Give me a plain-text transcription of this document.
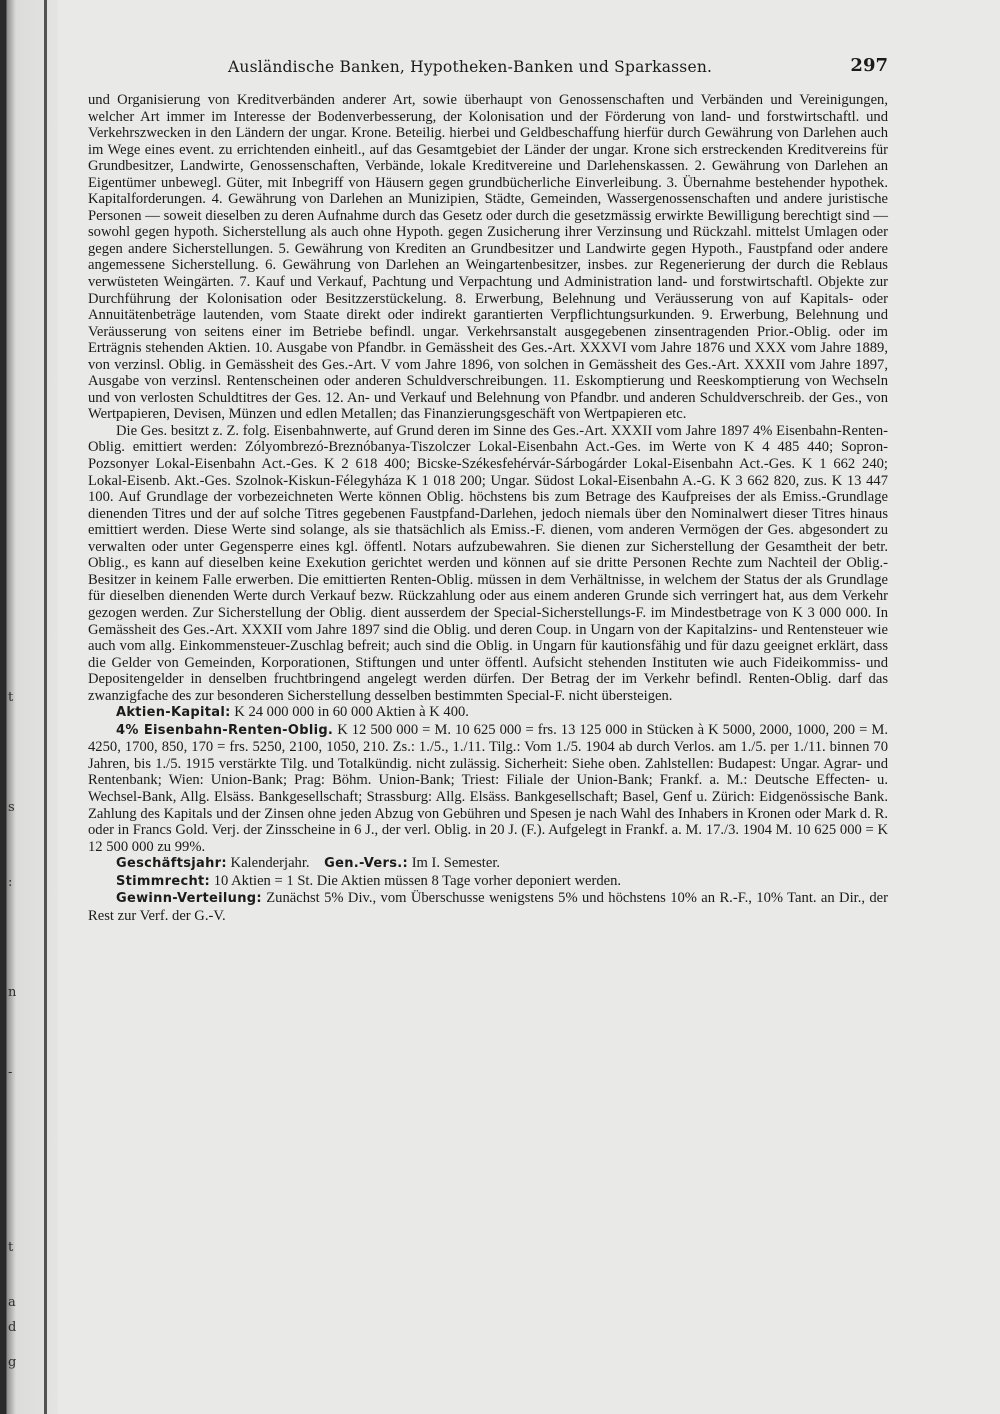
t
s
:
n
-
t
a
d
g
Ausländische Banken, Hypotheken-Banken und Sparkassen.	297

und Organisierung von Kreditverbänden anderer Art, sowie überhaupt von Genossenschaften und Verbänden und Vereinigungen, welcher Art immer im Interesse der Bodenverbesserung, der Kolonisation und der Förderung von land- und forstwirtschaftl. und Verkehrszwecken in den Ländern der ungar. Krone. Beteilig. hierbei und Geldbeschaffung hierfür durch Gewährung von Darlehen auch im Wege eines event. zu errichtenden einheitl., auf das Gesamtgebiet der Länder der ungar. Krone sich erstreckenden Kreditvereins für Grundbesitzer, Landwirte, Genossenschaften, Verbände, lokale Kreditvereine und Darlehenskassen. 2. Gewährung von Darlehen an Eigentümer unbewegl. Güter, mit Inbegriff von Häusern gegen grundbücherliche Einverleibung. 3. Übernahme bestehender hypothek. Kapitalforderungen. 4. Gewährung von Darlehen an Munizipien, Städte, Gemeinden, Wassergenossenschaften und andere juristische Personen — soweit dieselben zu deren Aufnahme durch das Gesetz oder durch die gesetzmässig erwirkte Bewilligung berechtigt sind — sowohl gegen hypoth. Sicherstellung als auch ohne Hypoth. gegen Zusicherung ihrer Verzinsung und Rückzahl. mittelst Umlagen oder gegen andere Sicherstellungen. 5. Gewährung von Krediten an Grundbesitzer und Landwirte gegen Hypoth., Faustpfand oder andere angemessene Sicherstellung. 6. Gewährung von Darlehen an Weingartenbesitzer, insbes. zur Regenerierung der durch die Reblaus verwüsteten Weingärten. 7. Kauf und Verkauf, Pachtung und Verpachtung und Administration land- und forstwirtschaftl. Objekte zur Durchführung der Kolonisation oder Besitzzerstückelung. 8. Erwerbung, Belehnung und Veräusserung von auf Kapitals- oder Annuitätenbeträge lautenden, vom Staate direkt oder indirekt garantierten Verpflichtungsurkunden. 9. Erwerbung, Belehnung und Veräusserung von seitens einer im Betriebe befindl. ungar. Verkehrsanstalt ausgegebenen zinsentragenden Prior.-Oblig. oder im Erträgnis stehenden Aktien. 10. Ausgabe von Pfandbr. in Gemässheit des Ges.-Art. XXXVI vom Jahre 1876 und XXX vom Jahre 1889, von verzinsl. Oblig. in Gemässheit des Ges.-Art. V vom Jahre 1896, von solchen in Gemässheit des Ges.-Art. XXXII vom Jahre 1897, Ausgabe von verzinsl. Rentenscheinen oder anderen Schuldverschreibungen. 11. Eskomptierung und Reeskomptierung von Wechseln und von verlosten Schuldtitres der Ges. 12. An- und Verkauf und Belehnung von Pfandbr. und anderen Schuldverschreib. der Ges., von Wertpapieren, Devisen, Münzen und edlen Metallen; das Finanzierungsgeschäft von Wertpapieren etc.

Die Ges. besitzt z. Z. folg. Eisenbahnwerte, auf Grund deren im Sinne des Ges.-Art. XXXII vom Jahre 1897 4% Eisenbahn-Renten-Oblig. emittiert werden: Zólyombrezó-Breznóbanya-Tiszolczer Lokal-Eisenbahn Act.-Ges. im Werte von K 4 485 440; Sopron-Pozsonyer Lokal-Eisenbahn Act.-Ges. K 2 618 400; Bicske-Székesfehérvár-Sárbogárder Lokal-Eisenbahn Act.-Ges. K 1 662 240; Lokal-Eisenb. Akt.-Ges. Szolnok-Kiskun-Félegyháza K 1 018 200; Ungar. Südost Lokal-Eisenbahn A.-G. K 3 662 820, zus. K 13 447 100. Auf Grundlage der vorbezeichneten Werte können Oblig. höchstens bis zum Betrage des Kaufpreises der als Emiss.-Grundlage dienenden Titres und der auf solche Titres gegebenen Faustpfand-Darlehen, jedoch niemals über den Nominalwert dieser Titres hinaus emittiert werden. Diese Werte sind solange, als sie thatsächlich als Emiss.-F. dienen, vom anderen Vermögen der Ges. abgesondert zu verwalten oder unter Gegensperre eines kgl. öffentl. Notars aufzubewahren. Sie dienen zur Sicherstellung der Gesamtheit der betr. Oblig., es kann auf dieselben keine Exekution gerichtet werden und können auf sie dritte Personen Rechte zum Nachteil der Oblig.-Besitzer in keinem Falle erwerben. Die emittierten Renten-Oblig. müssen in dem Verhältnisse, in welchem der Status der als Grundlage für dieselben dienenden Werte durch Verkauf bezw. Rückzahlung oder aus einem anderen Grunde sich verringert hat, aus dem Verkehr gezogen werden. Zur Sicherstellung der Oblig. dient ausserdem der Special-Sicherstellungs-F. im Mindestbetrage von K 3 000 000. In Gemässheit des Ges.-Art. XXXII vom Jahre 1897 sind die Oblig. und deren Coup. in Ungarn von der Kapitalzins- und Rentensteuer wie auch vom allg. Einkommensteuer-Zuschlag befreit; auch sind die Oblig. in Ungarn für kautionsfähig und für dazu geeignet erklärt, dass die Gelder von Gemeinden, Korporationen, Stiftungen und unter öffentl. Aufsicht stehenden Instituten wie auch Fideikommiss- und Depositengelder in denselben fruchtbringend angelegt werden dürfen. Der Betrag der im Verkehr befindl. Renten-Oblig. darf das zwanzigfache des zur besonderen Sicherstellung desselben bestimmten Special-F. nicht übersteigen.

Aktien-Kapital: K 24 000 000 in 60 000 Aktien à K 400.

4% Eisenbahn-Renten-Oblig. K 12 500 000 = M. 10 625 000 = frs. 13 125 000 in Stücken à K 5000, 2000, 1000, 200 = M. 4250, 1700, 850, 170 = frs. 5250, 2100, 1050, 210. Zs.: 1./5., 1./11. Tilg.: Vom 1./5. 1904 ab durch Verlos. am 1./5. per 1./11. binnen 70 Jahren, bis 1./5. 1915 verstärkte Tilg. und Totalkündig. nicht zulässig. Sicherheit: Siehe oben. Zahlstellen: Budapest: Ungar. Agrar- und Rentenbank; Wien: Union-Bank; Prag: Böhm. Union-Bank; Triest: Filiale der Union-Bank; Frankf. a. M.: Deutsche Effecten- u. Wechsel-Bank, Allg. Elsäss. Bankgesellschaft; Strassburg: Allg. Elsäss. Bankgesellschaft; Basel, Genf u. Zürich: Eidgenössische Bank. Zahlung des Kapitals und der Zinsen ohne jeden Abzug von Gebühren und Spesen je nach Wahl des Inhabers in Kronen oder Mark d. R. oder in Francs Gold. Verj. der Zinsscheine in 6 J., der verl. Oblig. in 20 J. (F.). Aufgelegt in Frankf. a. M. 17./3. 1904 M. 10 625 000 = K 12 500 000 zu 99%.

Geschäftsjahr: Kalenderjahr. Gen.-Vers.: Im I. Semester.

Stimmrecht: 10 Aktien = 1 St. Die Aktien müssen 8 Tage vorher deponiert werden.

Gewinn-Verteilung: Zunächst 5% Div., vom Überschusse wenigstens 5% und höchstens 10% an R.-F., 10% Tant. an Dir., der Rest zur Verf. der G.-V.
